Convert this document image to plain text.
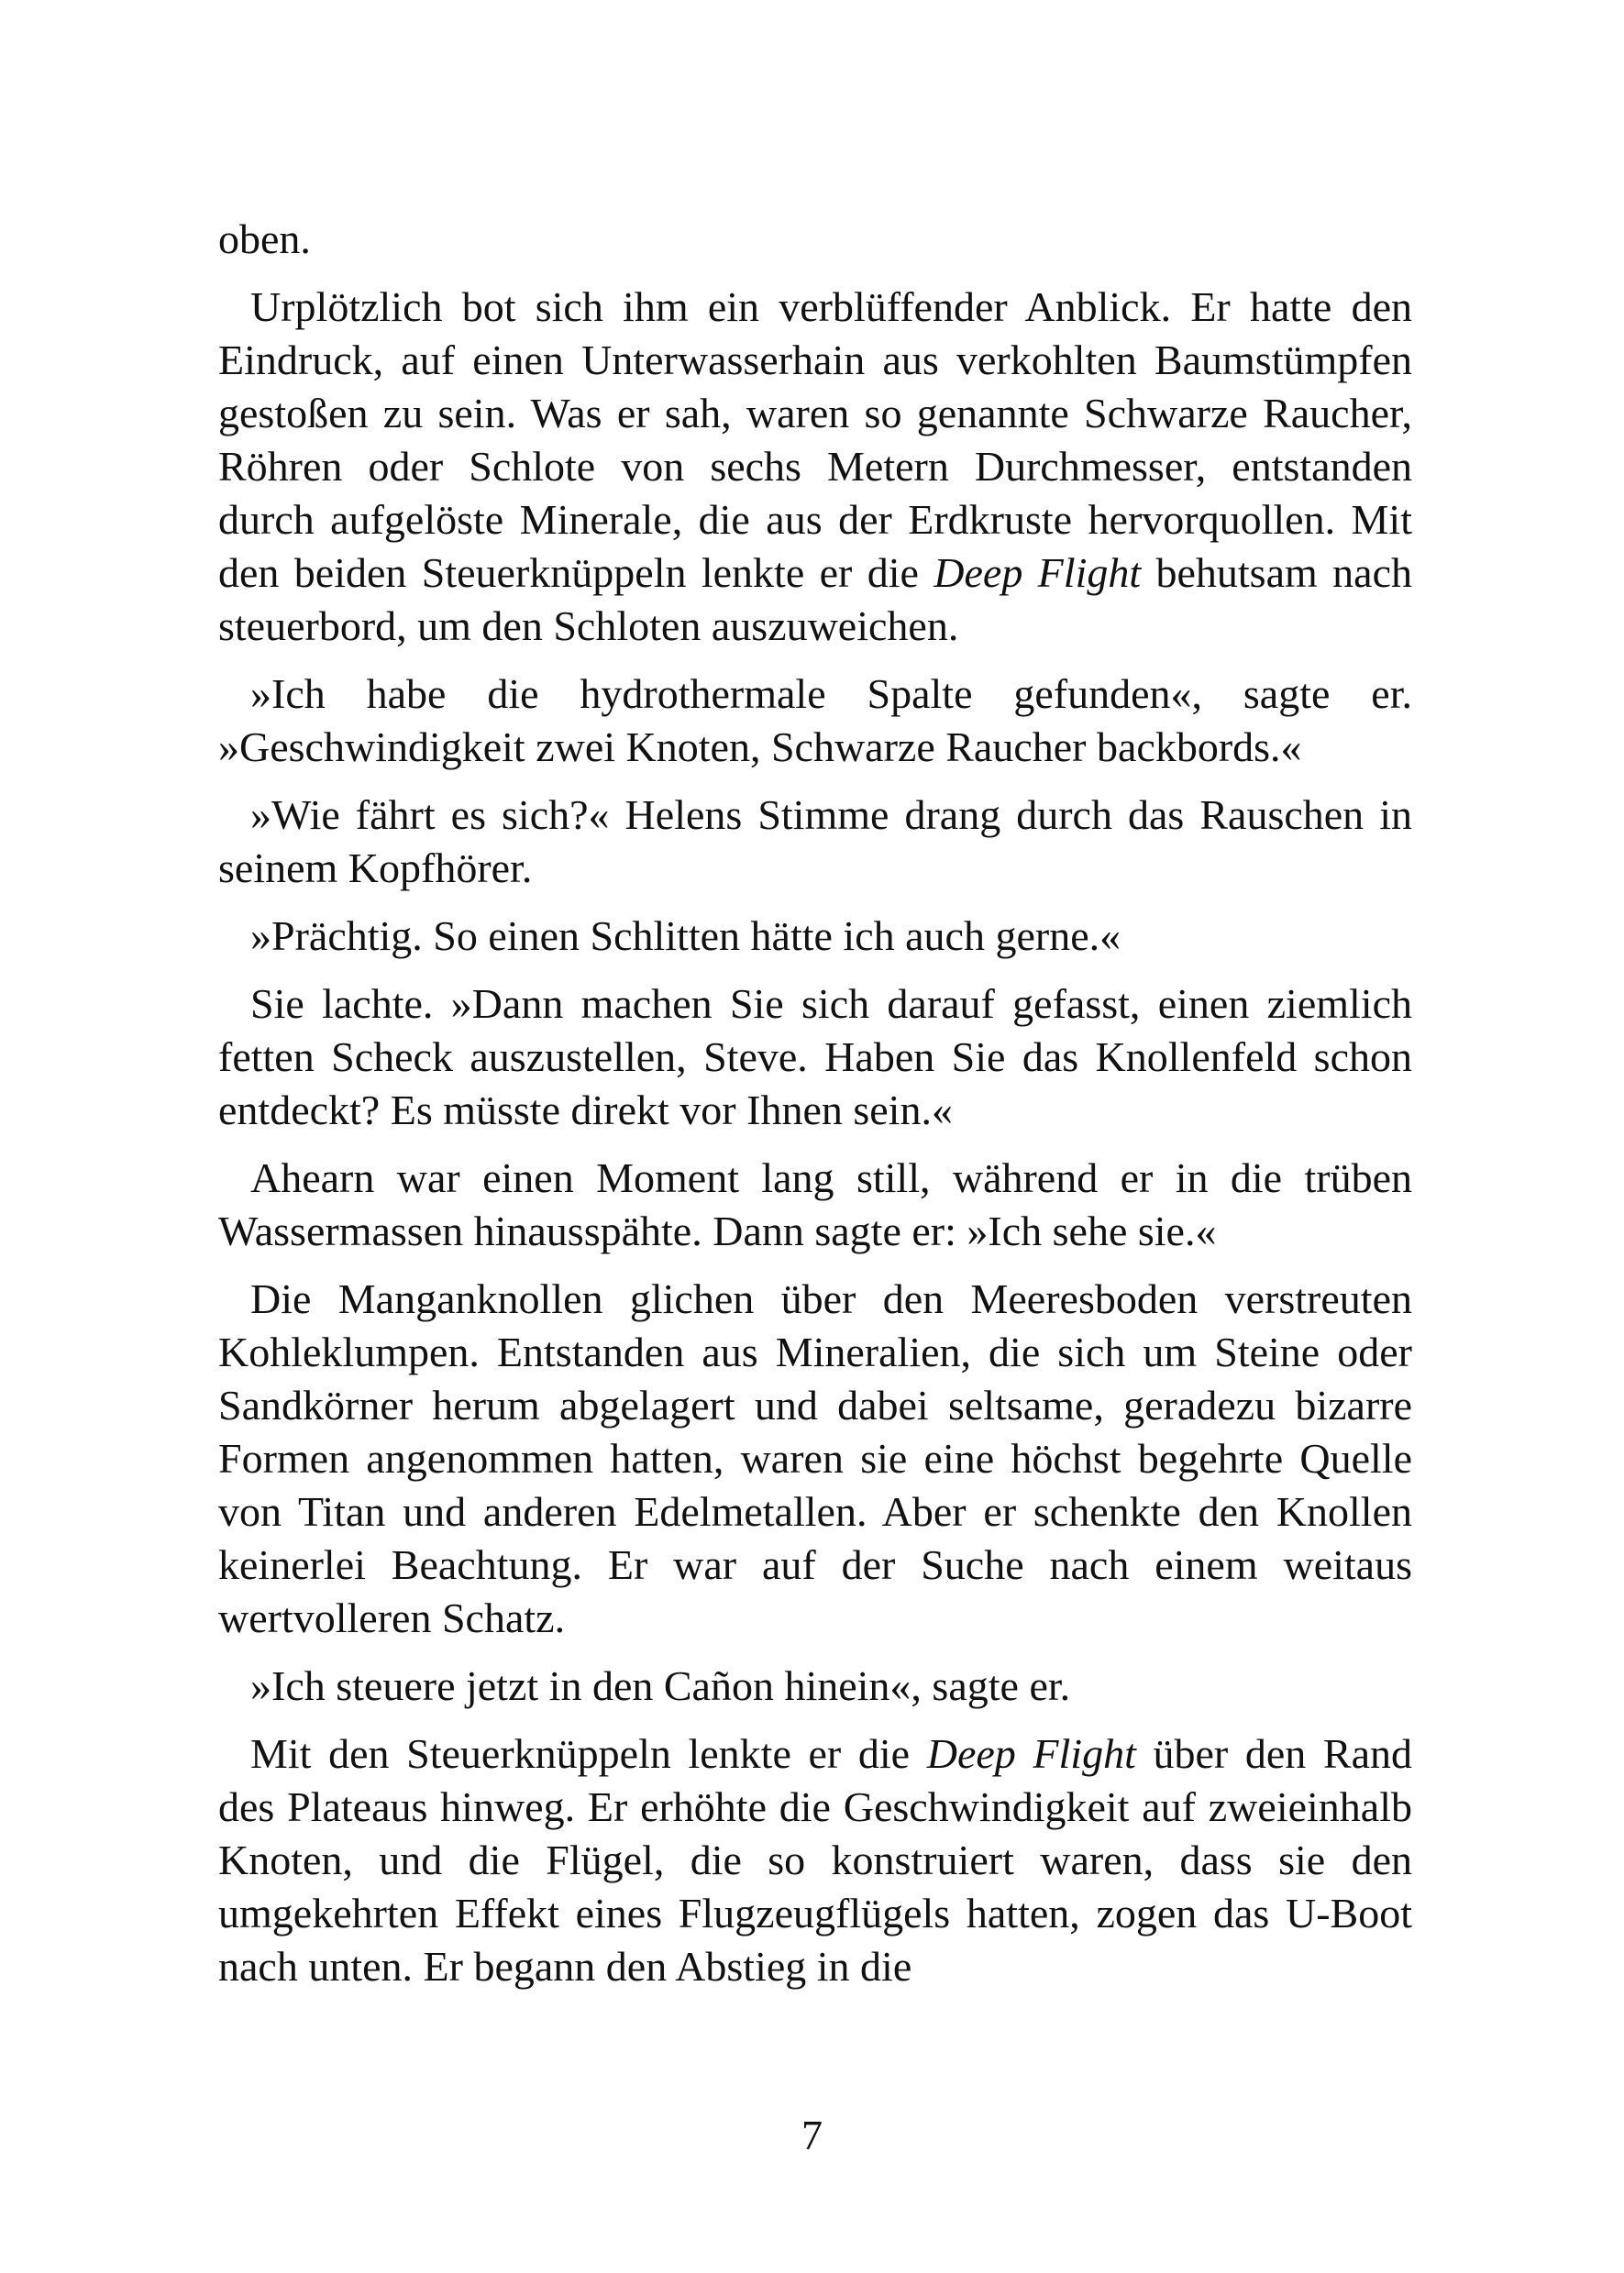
oben.

Urplötzlich bot sich ihm ein verblüffender Anblick. Er hatte den Eindruck, auf einen Unterwasserhain aus verkohlten Baumstümpfen gestoßen zu sein. Was er sah, waren so genannte Schwarze Raucher, Röhren oder Schlote von sechs Metern Durchmesser, entstanden durch aufgelöste Minerale, die aus der Erdkruste hervorquollen. Mit den beiden Steuerknüppeln lenkte er die Deep Flight behutsam nach steuerbord, um den Schloten auszuweichen.

»Ich habe die hydrothermale Spalte gefunden«, sagte er. »Geschwindigkeit zwei Knoten, Schwarze Raucher backbords.«

»Wie fährt es sich?« Helens Stimme drang durch das Rauschen in seinem Kopfhörer.

»Prächtig. So einen Schlitten hätte ich auch gerne.«

Sie lachte. »Dann machen Sie sich darauf gefasst, einen ziemlich fetten Scheck auszustellen, Steve. Haben Sie das Knollenfeld schon entdeckt? Es müsste direkt vor Ihnen sein.«

Ahearn war einen Moment lang still, während er in die trüben Wassermassen hinausspähte. Dann sagte er: »Ich sehe sie.«

Die Manganknollen glichen über den Meeresboden verstreuten Kohleklumpen. Entstanden aus Mineralien, die sich um Steine oder Sandkörner herum abgelagert und dabei seltsame, geradezu bizarre Formen angenommen hatten, waren sie eine höchst begehrte Quelle von Titan und anderen Edelmetallen. Aber er schenkte den Knollen keinerlei Beachtung. Er war auf der Suche nach einem weitaus wertvolleren Schatz.

»Ich steuere jetzt in den Cañon hinein«, sagte er.

Mit den Steuerknüppeln lenkte er die Deep Flight über den Rand des Plateaus hinweg. Er erhöhte die Geschwindigkeit auf zweieinhalb Knoten, und die Flügel, die so konstruiert waren, dass sie den umgekehrten Effekt eines Flugzeugflügels hatten, zogen das U-Boot nach unten. Er begann den Abstieg in die

7
